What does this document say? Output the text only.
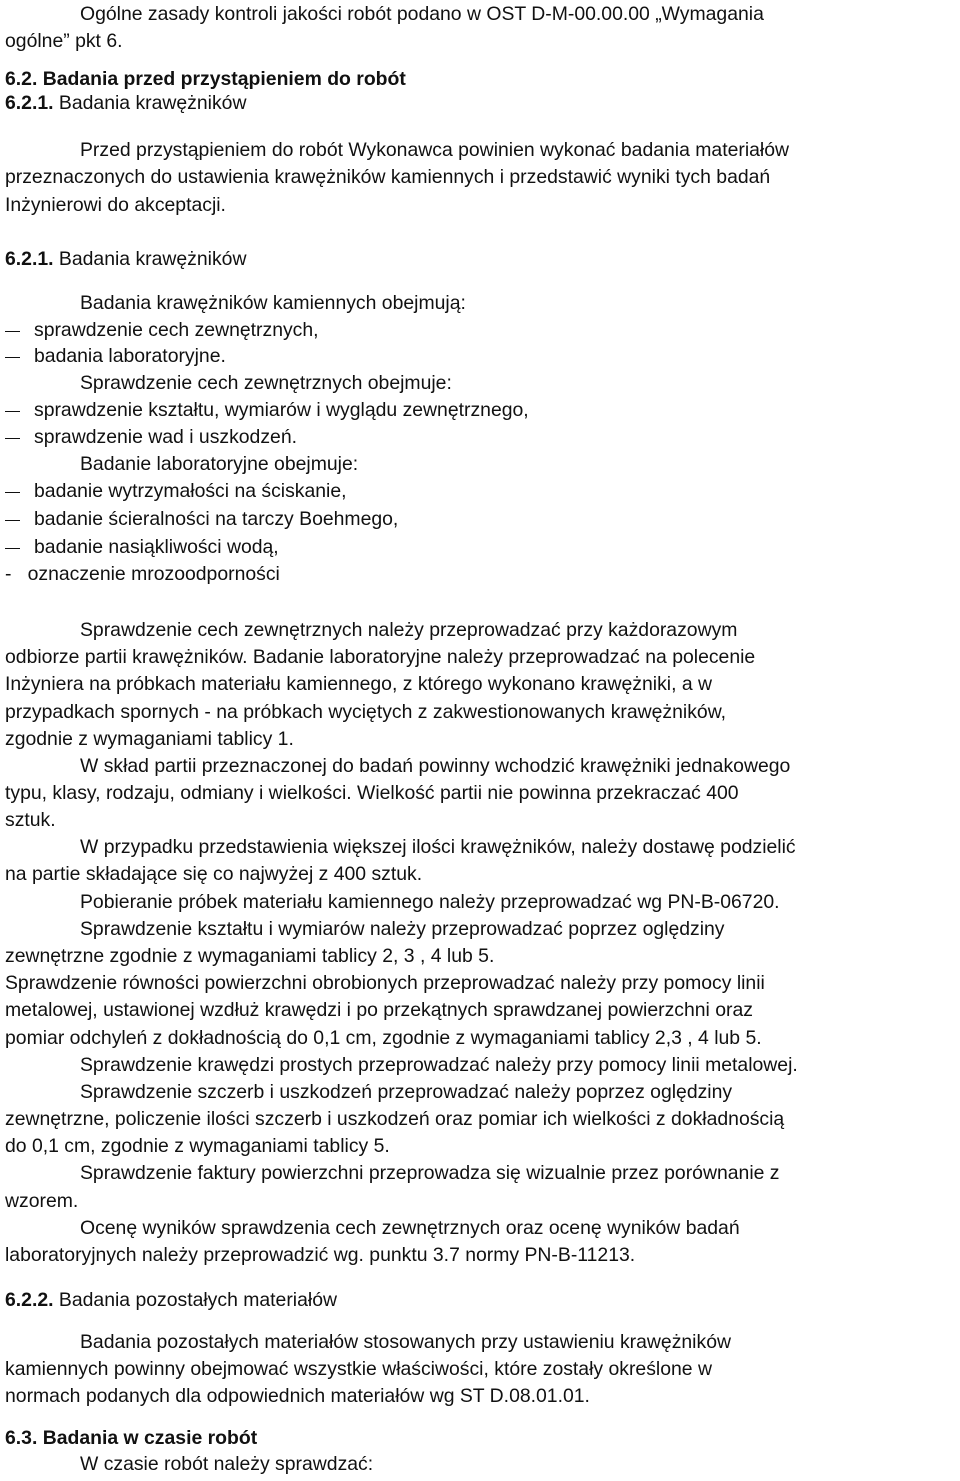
Ogólne zasady kontroli jakości robót podano w OST D-M-00.00.00 „Wymagania
ogólne” pkt 6.
6.2. Badania przed przystąpieniem do robót
6.2.1. Badania krawężników
Przed przystąpieniem do robót Wykonawca powinien wykonać badania materiałów
przeznaczonych do ustawienia krawężników kamiennych i przedstawić wyniki tych badań
Inżynierowi do akceptacji.
6.2.1. Badania krawężników
Badania krawężników kamiennych obejmują:
sprawdzenie cech zewnętrznych,
badania laboratoryjne.
Sprawdzenie cech zewnętrznych obejmuje:
sprawdzenie kształtu, wymiarów i wyglądu zewnętrznego,
sprawdzenie wad i uszkodzeń.
Badanie laboratoryjne obejmuje:
badanie wytrzymałości na ściskanie,
badanie ścieralności na tarczy Boehmego,
badanie nasiąkliwości wodą,
-   oznaczenie mrozoodporności
Sprawdzenie cech zewnętrznych należy przeprowadzać przy każdorazowym
odbiorze partii krawężników. Badanie laboratoryjne należy przeprowadzać na polecenie
Inżyniera na próbkach materiału kamiennego, z którego wykonano krawężniki, a w
przypadkach spornych - na próbkach wyciętych z zakwestionowanych krawężników,
zgodnie z wymaganiami tablicy 1.
W skład partii przeznaczonej do badań powinny wchodzić krawężniki jednakowego
typu, klasy, rodzaju, odmiany i wielkości. Wielkość partii nie powinna przekraczać 400
sztuk.
W przypadku przedstawienia większej ilości krawężników, należy dostawę podzielić
na partie składające się co najwyżej z 400 sztuk.
Pobieranie próbek materiału kamiennego należy przeprowadzać wg PN-B-06720.
Sprawdzenie kształtu i wymiarów należy przeprowadzać poprzez oględziny
zewnętrzne zgodnie z wymaganiami tablicy 2, 3 , 4 lub 5.
Sprawdzenie równości powierzchni obrobionych przeprowadzać należy przy pomocy linii
metalowej, ustawionej wzdłuż krawędzi i po przekątnych sprawdzanej powierzchni oraz
pomiar odchyleń z dokładnością do 0,1 cm, zgodnie z wymaganiami tablicy 2,3 , 4 lub 5.
Sprawdzenie krawędzi prostych przeprowadzać należy przy pomocy linii metalowej.
Sprawdzenie szczerb i uszkodzeń przeprowadzać należy poprzez oględziny
zewnętrzne, policzenie ilości szczerb i uszkodzeń oraz pomiar ich wielkości z dokładnością
do 0,1 cm, zgodnie z wymaganiami tablicy 5.
Sprawdzenie faktury powierzchni przeprowadza się wizualnie przez porównanie z
wzorem.
Ocenę wyników sprawdzenia cech zewnętrznych oraz ocenę wyników badań
laboratoryjnych należy przeprowadzić wg. punktu 3.7 normy PN-B-11213.
6.2.2. Badania pozostałych materiałów
Badania pozostałych materiałów stosowanych przy ustawieniu krawężników
kamiennych powinny obejmować wszystkie właściwości, które zostały określone w
normach podanych dla odpowiednich materiałów wg ST D.08.01.01.
6.3. Badania w czasie robót
W czasie robót należy sprawdzać:
